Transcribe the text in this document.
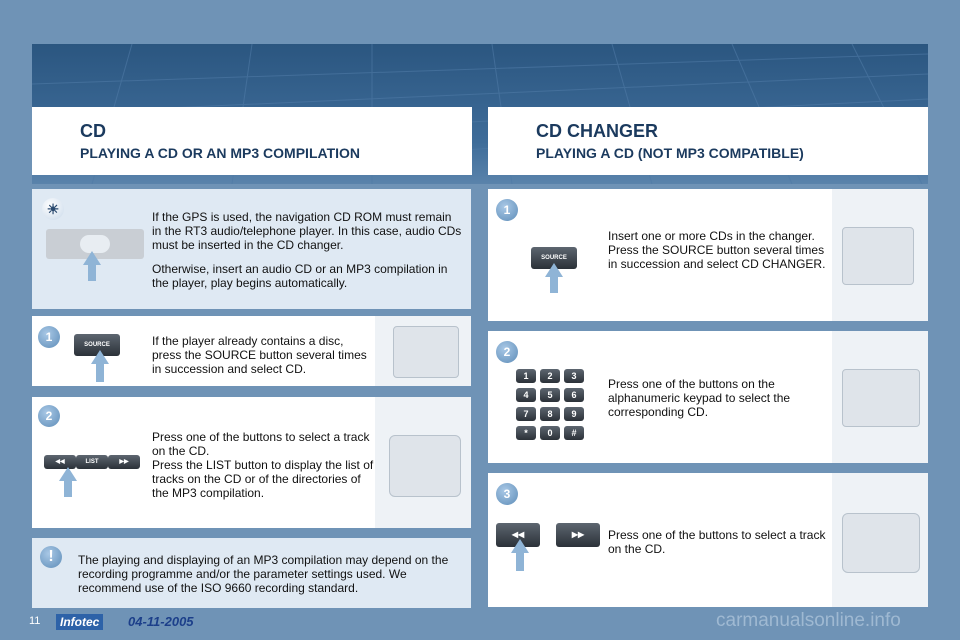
CD
PLAYING A CD OR AN MP3 COMPILATION
CD CHANGER
PLAYING A CD (NOT MP3 COMPATIBLE)
☀	If the GPS is used, the navigation CD ROM must remain in the RT3 audio/telephone player. In this case, audio CDs must be inserted in the CD changer.

Otherwise, insert an audio CD or an MP3 compilation in the player, play begins automatically.

1
SOURCE	If the player already contains a disc, press the SOURCE button several times in succession and select CD.
2
◀◀	LIST	▶▶
Press one of the buttons to select a track on the CD.
Press the LIST button to display the list of tracks on the CD or of the directories of the MP3 compilation.
!	The playing and displaying of an MP3 compilation may depend on the recording programme and/or the parameter settings used. We recommend use of the ISO 9660 recording standard.
1
SOURCE
Insert one or more CDs in the changer. Press the SOURCE button several times in succession and select CD CHANGER.
2
1	2	3
4	5	6
7	8	9
*	0	#
Press one of the buttons on the alphanumeric keypad to select the corresponding CD.
3
◀◀	▶▶	Press one of the buttons to select a track on the CD.
11	Infotec	04-11-2005	carmanualsonline.info
